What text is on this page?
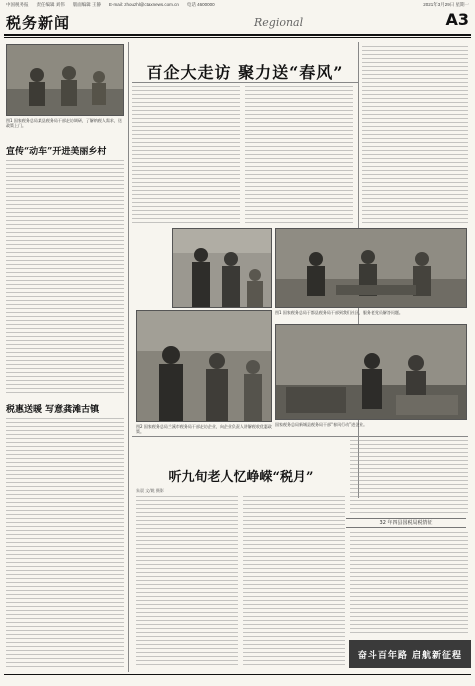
中国税务报 责任编辑 刘伟 版面编辑 王静 E-mail: zhouzhl@ctaxnews.com.cn 电话 4600000	2021年3月29日 星期一
税务新闻	Regional	A3
图1 国家税务总局某县税务局干部走访调研，了解纳税人需求，送政策上门。
宣传“动车”开进美丽乡村
税惠送暖 写意龚滩古镇
百企大走访 聚力送“春风”
图1 国家税务总局于都县税务局干部到我们社区，服务老党员解答问题。
图2 国家税务总局兰溪市税务局干部走访企业，向企业负责人讲解税收优惠政策。
国家税务总局新城县税务局干部“春风行动”进企业。
听九旬老人忆峥嵘“税月”
朱晨 文/姚 摄影
32 年四县国税局税情征
奋斗百年路 启航新征程
